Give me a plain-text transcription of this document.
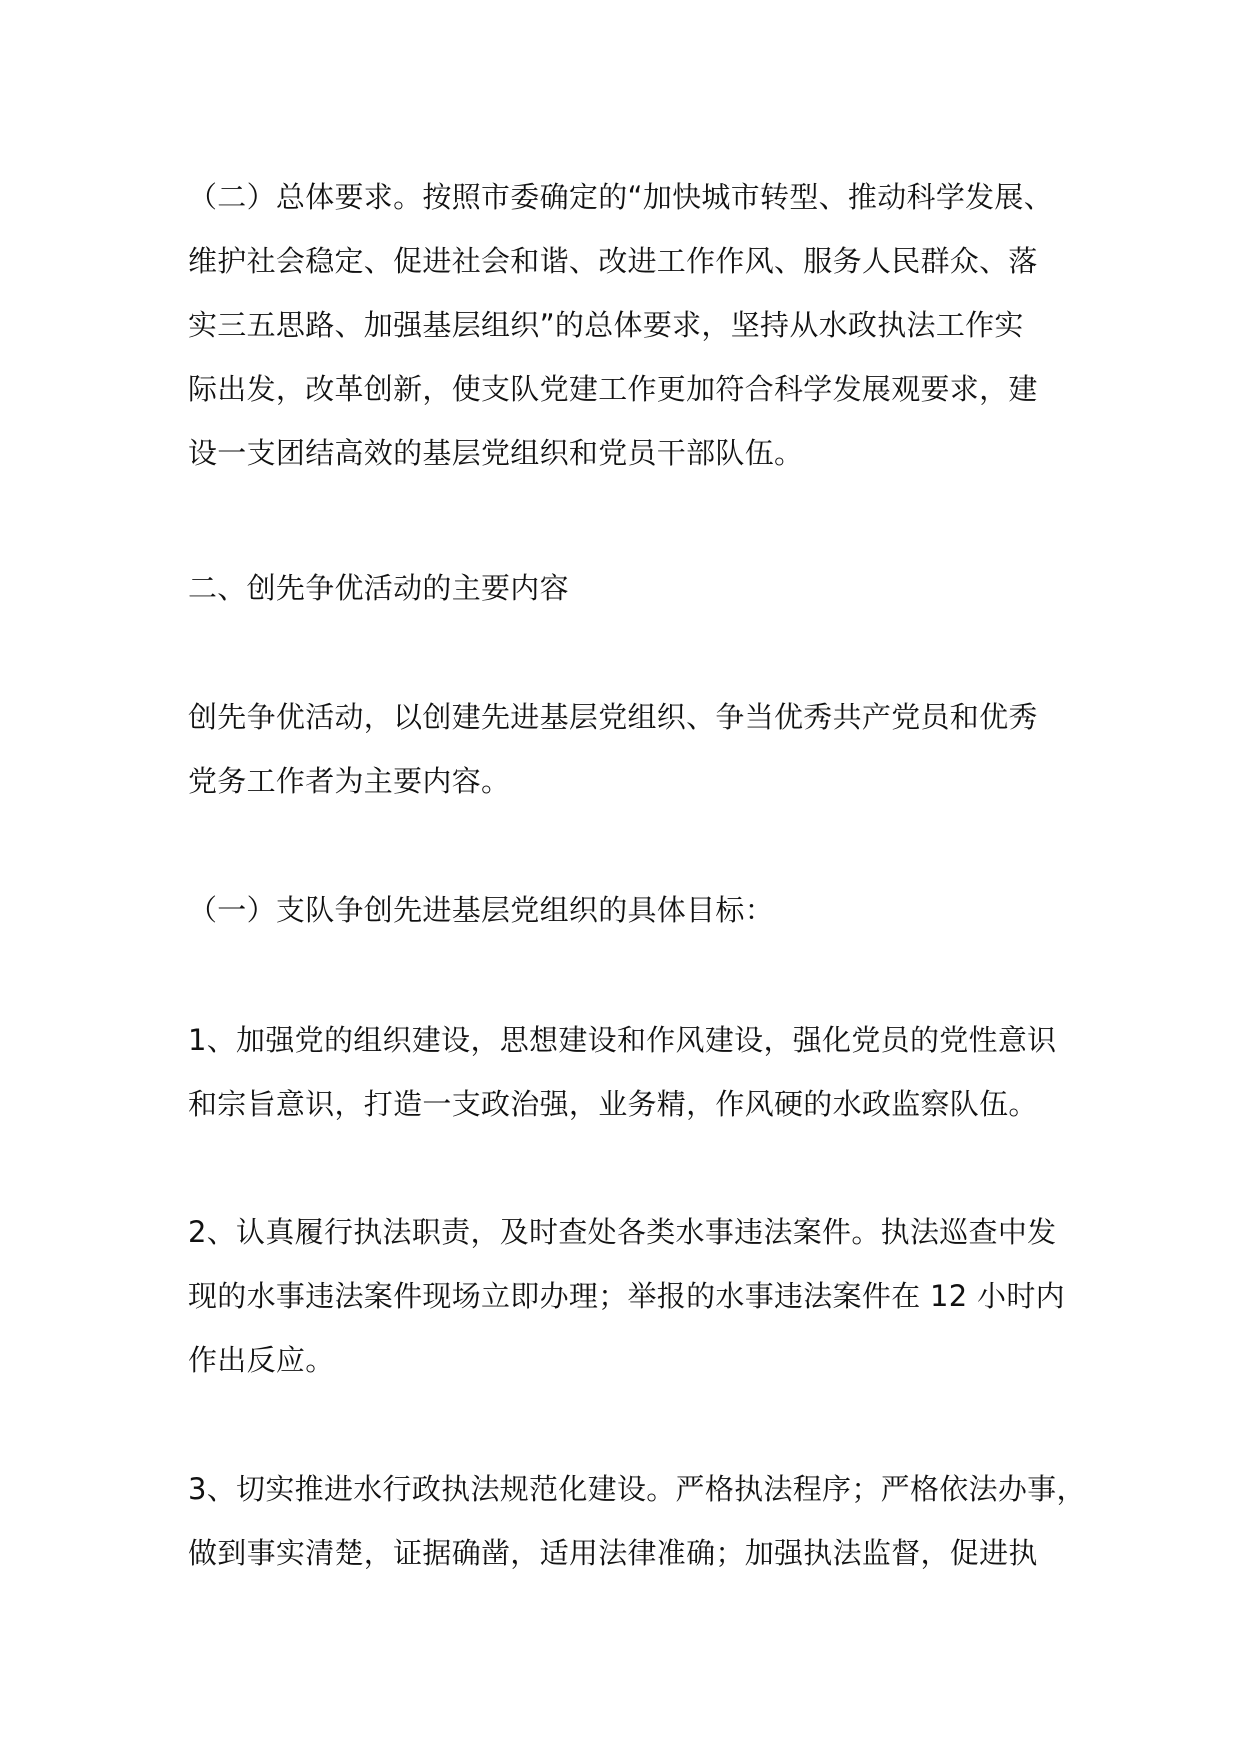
（二）总体要求。按照市委确定的“加快城市转型、推动科学发展、
维护社会稳定、促进社会和谐、改进工作作风、服务人民群众、落
实三五思路、加强基层组织”的总体要求，坚持从水政执法工作实
际出发，改革创新，使支队党建工作更加符合科学发展观要求，建
设一支团结高效的基层党组织和党员干部队伍。
二、创先争优活动的主要内容
创先争优活动，以创建先进基层党组织、争当优秀共产党员和优秀
党务工作者为主要内容。
（一）支队争创先进基层党组织的具体目标：
1、加强党的组织建设，思想建设和作风建设，强化党员的党性意识
和宗旨意识，打造一支政治强，业务精，作风硬的水政监察队伍。
2、认真履行执法职责，及时查处各类水事违法案件。执法巡查中发
现的水事违法案件现场立即办理；举报的水事违法案件在 12 小时内
作出反应。
3、切实推进水行政执法规范化建设。严格执法程序；严格依法办事，
做到事实清楚，证据确凿，适用法律准确；加强执法监督，促进执
